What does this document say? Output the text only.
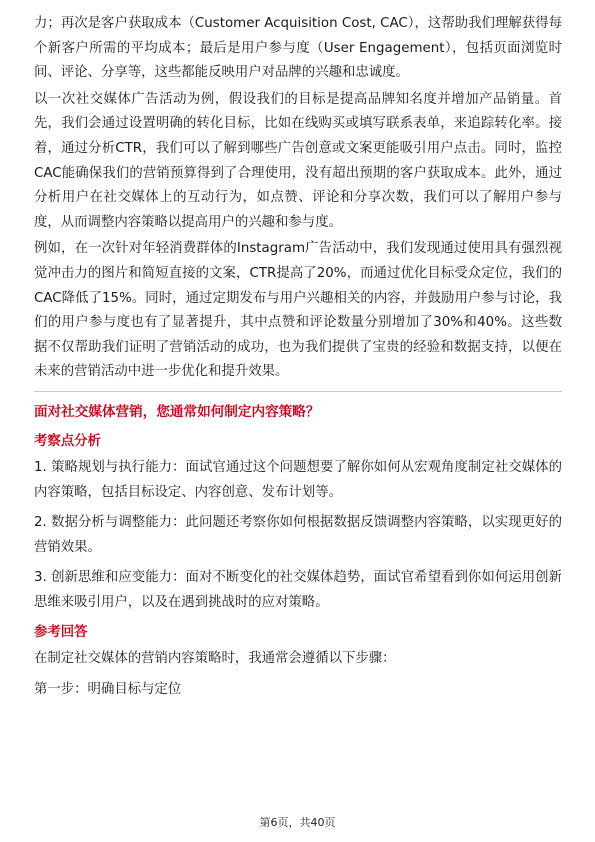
力；再次是客户获取成本（Customer Acquisition Cost, CAC），这帮助我们理解获得每个新客户所需的平均成本；最后是用户参与度（User Engagement），包括页面浏览时间、评论、分享等，这些都能反映用户对品牌的兴趣和忠诚度。

以一次社交媒体广告活动为例，假设我们的目标是提高品牌知名度并增加产品销量。首先，我们会通过设置明确的转化目标，比如在线购买或填写联系表单，来追踪转化率。接着，通过分析CTR，我们可以了解到哪些广告创意或文案更能吸引用户点击。同时，监控CAC能确保我们的营销预算得到了合理使用，没有超出预期的客户获取成本。此外，通过分析用户在社交媒体上的互动行为，如点赞、评论和分享次数，我们可以了解用户参与度，从而调整内容策略以提高用户的兴趣和参与度。

例如，在一次针对年轻消费群体的Instagram广告活动中，我们发现通过使用具有强烈视觉冲击力的图片和简短直接的文案，CTR提高了20%，而通过优化目标受众定位，我们的CAC降低了15%。同时，通过定期发布与用户兴趣相关的内容，并鼓励用户参与讨论，我们的用户参与度也有了显著提升，其中点赞和评论数量分别增加了30%和40%。这些数据不仅帮助我们证明了营销活动的成功，也为我们提供了宝贵的经验和数据支持，以便在未来的营销活动中进一步优化和提升效果。

面对社交媒体营销，您通常如何制定内容策略？
考察点分析

1. 策略规划与执行能力：面试官通过这个问题想要了解你如何从宏观角度制定社交媒体的内容策略，包括目标设定、内容创意、发布计划等。

2. 数据分析与调整能力：此问题还考察你如何根据数据反馈调整内容策略，以实现更好的营销效果。

3. 创新思维和应变能力：面对不断变化的社交媒体趋势，面试官希望看到你如何运用创新思维来吸引用户，以及在遇到挑战时的应对策略。

参考回答

在制定社交媒体的营销内容策略时，我通常会遵循以下步骤：

第一步：明确目标与定位

第6页，共40页
